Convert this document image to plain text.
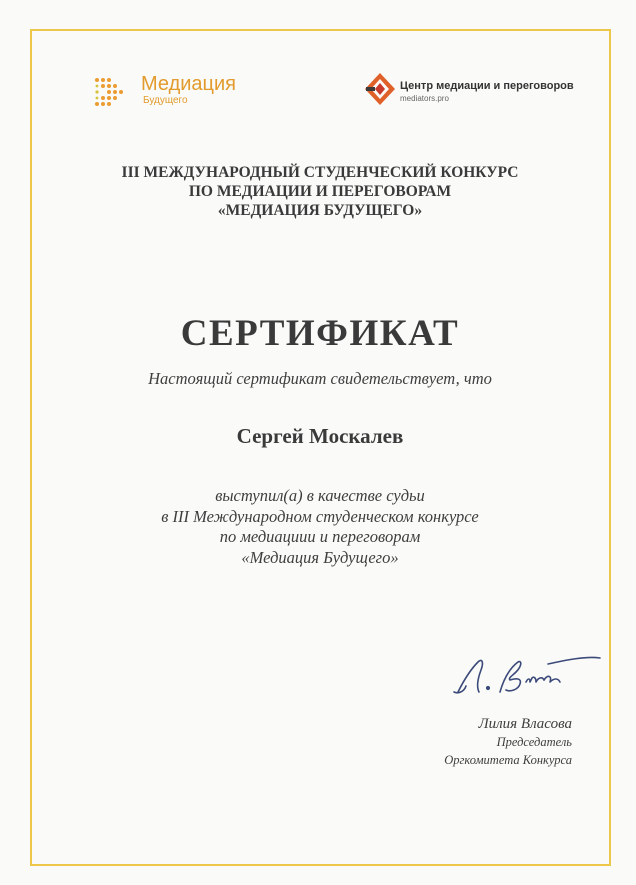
Медиация
Будущего
Центр медиации и переговоров
mediators.pro
III МЕЖДУНАРОДНЫЙ СТУДЕНЧЕСКИЙ КОНКУРС
ПО МЕДИАЦИИ И ПЕРЕГОВОРАМ
«МЕДИАЦИЯ БУДУЩЕГО»
СЕРТИФИКАТ
Настоящий сертификат свидетельствует, что
Сергей Москалев
выступил(а) в качестве судьи
в III Международном студенческом конкурсе
по медиациии и переговорам
«Медиация Будущего»
Лилия Власова
Председатель
Оргкомитета Конкурса
